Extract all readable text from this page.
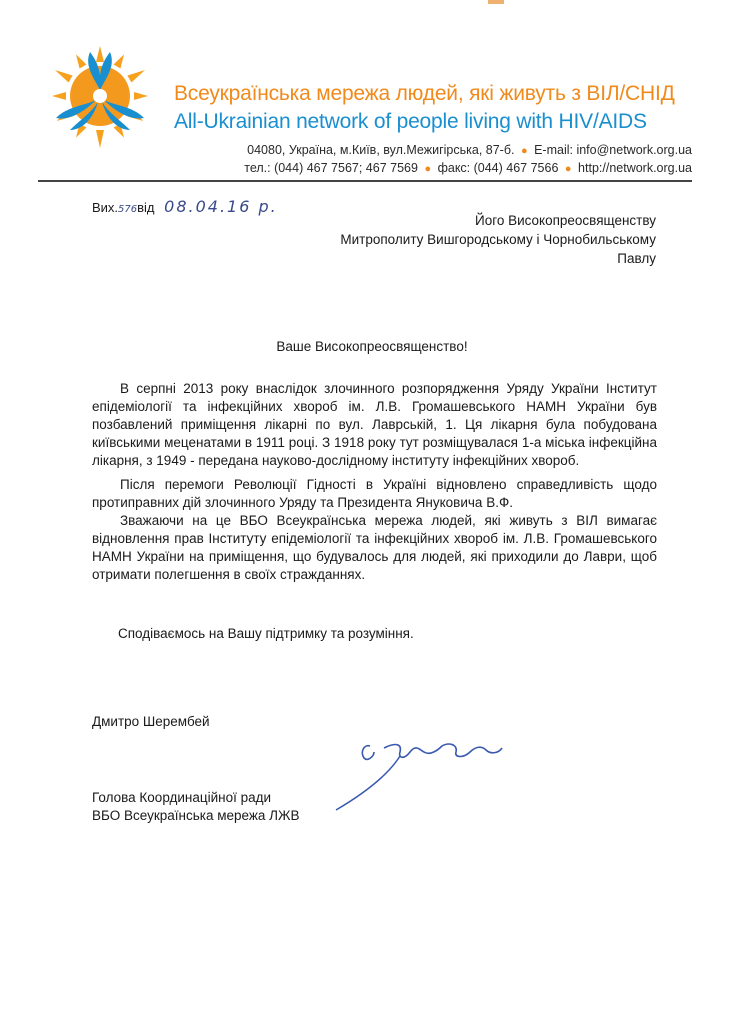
Всеукраїнська мережа людей, які живуть з ВІЛ/СНІД
All-Ukrainian network of people living with HIV/AIDS
04080, Україна, м.Київ, вул.Межигірська, 87-б. ● E-mail: info@network.org.ua
тел.: (044) 467 7567; 467 7569 ● факс: (044) 467 7566 ● http://network.org.ua
Вих.576від 08.04.16 р.
Його Високопреосвященству
Митрополиту Вишгородському і Чорнобильському
Павлу
Ваше Високопреосвященство!

В серпні 2013 року внаслідок злочинного розпорядження Уряду України Інститут епідеміології та інфекційних хвороб ім. Л.В. Громашевського НАМН України був позбавлений приміщення лікарні по вул. Лаврській, 1. Ця лікарня була побудована київськими меценатами в 1911 році. З 1918 року тут розміщувалася 1-а міська інфекційна лікарня, з 1949 - передана науково-дослідному інституту інфекційних хвороб.

Після перемоги Революції Гідності в Україні відновлено справедливість щодо протиправних дій злочинного Уряду та Президента Януковича В.Ф.

Зважаючи на це ВБО Всеукраїнська мережа людей, які живуть з ВІЛ вимагає відновлення прав Інституту епідеміології та інфекційних хвороб ім. Л.В. Громашевського НАМН України на приміщення, що будувалось для людей, які приходили до Лаври, щоб отримати полегшення в своїх стражданнях.

Сподіваємось на Вашу підтримку та розуміння.
Дмитро Шерембей
Голова Координаційної ради
ВБО Всеукраїнська мережа ЛЖВ
